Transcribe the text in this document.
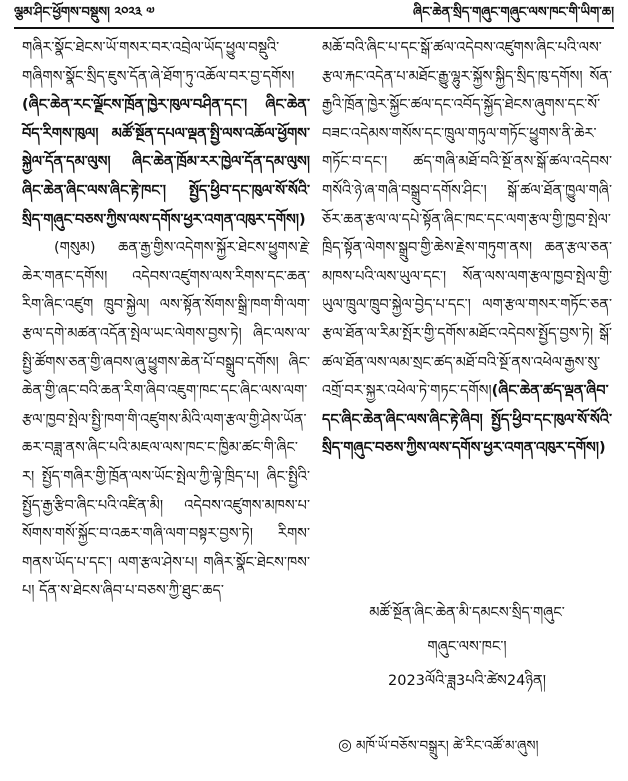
ལྕམ་ཤིང་ཕྱོགས་བསྡུས། ༢༠༢༣ ༧	ཞིང་ཆེན་སྲིད་གཞུང་གཞུང་ལས་ཁང་གི་ཡིག་ཆ།

གཞིར་སྣོང་ཐེངས་ཡོ་གསར་བར་འབྲེལ་ཡོད་ཕྱུལ་བསྡུའི་གཞིགས་སྣོང་སྲིད་ཇུས་དོན་ཞེ་ཐོག་ཏུ་འཆོལ་བར་བྱ་དགོས།(ཞིང་ཆེན་རང་ལྗོངས་ཁྲོན་ཁྱེར་ཁུལ་བཤིན་དང་། ཞིང་ཆེན་བོད་རིགས་ཁུལ། མཚོ་སྔོན་དཔལ་ལྡན་སྤྱི་ལས་འཆོལ་ཕྱོགས་སྐྱེལ་དོན་དམ་ལུས། ཞིང་ཆེན་ཁྲོམ་རར་ཁྱེལ་དོན་དམ་ལུས། ཞིང་ཆེན་ཞིང་ལས་ཞིང་རྟེ་ཁང་། སྤྱོད་ཕྱིབ་དང་ཁུལ་སོ་སོའི་སྲིད་གཞུང་བཅས་ཀྱིས་ལས་དགོས་ཕྱར་འགན་འཁུར་དགོས།)

(གསུམ) ཆན་རྒྱ་གྱིས་འདེགས་སྐྱོར་ཐེངས་ཕྱུགས་རྗེ་ཆེར་གནང་དགོས། འདེབས་འཛུགས་ལས་རིགས་དང་ཆན་རིག་ཞིང་འཛུག ཁྲུབ་སྐྱེལ། ལས་སྟོན་སོགས་སྒྲི་ཁག་གི་ལག་རྩལ་དགེ་མཚན་འདོན་སྤེལ་ཡང་ལེགས་བྱས་ཏེ། ཞིང་ལས་ལ་སྤྱི་ཚོགས་ཅན་གྱི་ཞབས་ཞུ་ཕྱུགས་ཆེན་པོ་བསྒྲུབ་དགོས། ཞིང་ཆེན་གྱི་ཞང་བའི་ཆན་རིག་ཞིབ་འཇུག་ཁང་དང་ཞིང་ལས་ལག་རྩལ་ཁྱབ་སྤེལ་སྤྱི་ཁག་གི་འཛུགས་མིའི་ལག་རྩལ་གྱི་ཤེས་ཡོན་ཆར་བཟླ་ནས་ཞིང་པའི་མཇལ་ལས་ཁང་ང་ཁྱིམ་ཚང་གི་ཞིང་ར། སྤྱོད་གཞིར་གྱི་ཁྲོན་ལས་ཡོང་སྤེལ་ཀྱི་ལྟེ་ཁྲིད་པ། ཞིང་སྤྱིའི་སྤྱོད་རྒྱ་རྩིབ་ཞིང་པའི་འཛིན་མི། འདེབས་འཛུགས་མཁས་པ་སོགས་གསོ་སྐྱོང་བ་འཆར་གཞི་ལག་བསྟར་བྱས་ཏེ། རིགས་གནས་ཡོད་པ་དང་། ལག་རྩལ་ཤེས་པ། གཞིར་སྣོང་ཐེངས་ཁས་པ། དོན་ས་ཐེངས་ཞིབ་པ་བཅས་ཀྱི་ཐུང་ཆད་

མཆོ་བའི་ཞིང་པ་དང་སྒོ་ཚལ་འདེབས་འཛུགས་ཞིང་པའི་ལས་རྩལ་རྐང་འདེན་པ་མཐོང་རྒྱུ་ལྷུར་སྐྱོས་སྐྱིད་སྲིད་ཁུ་དགོས། སོན་རྒྱའི་ཁྲོན་ཁྱེར་སྐྱོང་ཚལ་དང་འབོད་སྐྱོད་ཐེངས་ཞུགས་དང་སོ་བཟང་འདེམས་གསོས་དང་ཁྲུལ་གཏུལ་གཏོང་ཕྱུགས་ནི་ཆེར་གཏོང་བ་དང་། ཚད་གཞི་མཐོ་བའི་སྔོ་ནས་སྒོ་ཚལ་འདེབས་གསོའི་ཉེ་ཞ་གཞི་བསྒྲུབ་དགོས་ཤིང་། སྒོ་ཚལ་ཐོན་ཁྱུལ་གཞི་ཅོར་ཆན་རྩལ་ལ་དཔེ་སྟོན་ཞིང་ཁང་དང་ལག་རྩལ་གྱི་ཁྱབ་སྤེལ་ཁྲིད་སྟོན་ལེགས་སྒྲུབ་གྱི་ཆེས་རྗེས་གཏུག་ནས། ཆན་རྩལ་ཅན་མཁས་པའི་ལས་ཡུལ་དང་། སོན་ལས་ལག་རྩལ་ཁྱབ་སྤེལ་གྱི་ཡུལ་ཁྲུལ་ཁྲུབ་སྐྱེལ་བྱེད་པ་དང་། ལག་རྩལ་གསར་གཏོང་ཅན་རྩལ་ཐོན་ལ་རིམ་སྤོར་གྱི་དགོས་མཐོང་འདེབས་སྤྱོད་བྱས་ཏེ། སྒོ་ཚལ་ཐོན་ལས་ལམ་སྲང་ཚད་མཐོ་བའི་སྔོ་ནས་འཕེལ་རྒྱས་སུ་འགྲོ་བར་སྐྱར་འཕེལ་ཏེ་གཏང་དགོས།(ཞིང་ཆེན་ཚད་ལྡན་ཞིབ་དང་ཞིང་ཆེན་ཞིང་ལས་ཞིང་རྟེ་ཞིབ། སྤྱོད་ཕྱིབ་དང་ཁུལ་སོ་སོའི་སྲིད་གཞུང་བཅས་ཀྱིས་ལས་དགོས་ཕྱར་འགན་འཁུར་དགོས།)

མཚོ་སྔོན་ཞིང་ཆེན་མི་དམངས་སྲིད་གཞུང་
གཞུང་ལས་ཁང་།
2023ལོའི་ཟླ3པའི་ཚེས24ཉིན།
◎ མཁོ་ཡོ་བཅོས་བསྒྲུར། ཚེ་རིང་འཚོ་མ་ཞུས།
